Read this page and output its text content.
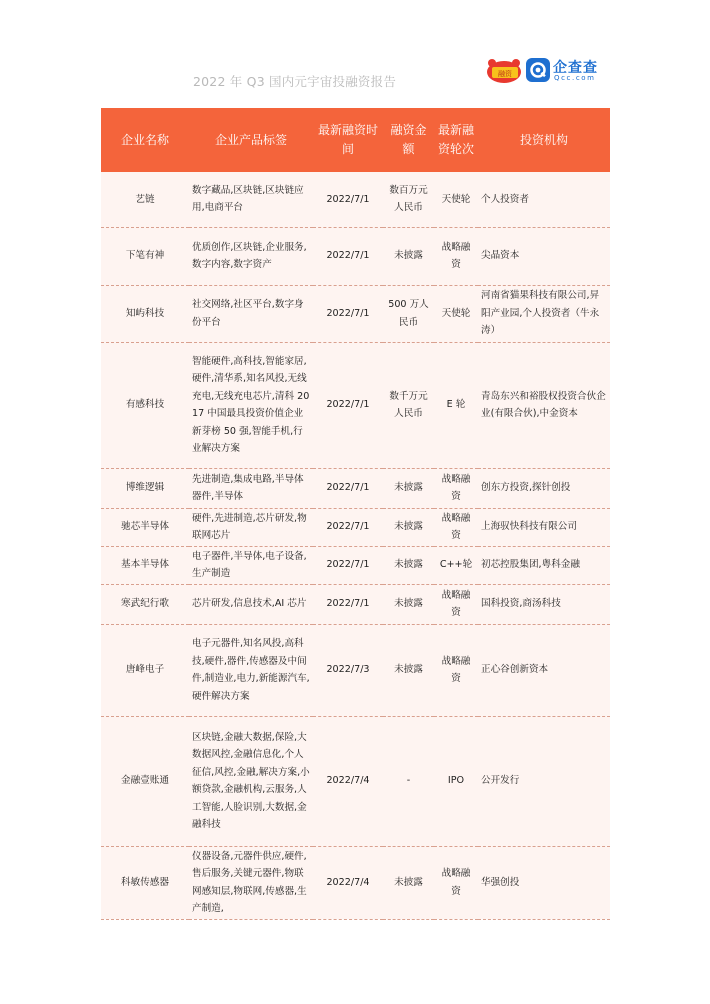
2022 年 Q3 国内元宇宙投融资报告	融资	企查查
Qcc.com
企业名称	企业产品标签	最新融资时间	融资金额	最新融资轮次	投资机构
艺链	数字藏品,区块链,区块链应用,电商平台	2022/7/1	数百万元人民币	天使轮	个人投资者
下笔有神	优质创作,区块链,企业服务,数字内容,数字资产	2022/7/1	未披露	战略融资	尖晶资本
知屿科技	社交网络,社区平台,数字身份平台	2022/7/1	500 万人民币	天使轮	河南省猫果科技有限公司,昇阳产业园,个人投资者（牛永涛）
有感科技	智能硬件,高科技,智能家居,硬件,清华系,知名风投,无线充电,无线充电芯片,清科 2017 中国最具投资价值企业新芽榜 50 强,智能手机,行业解决方案	2022/7/1	数千万元人民币	E 轮	青岛东兴和裕股权投资合伙企业(有限合伙),中金资本
博维逻辑	先进制造,集成电路,半导体器件,半导体	2022/7/1	未披露	战略融资	创东方投资,探针创投
驰芯半导体	硬件,先进制造,芯片研发,物联网芯片	2022/7/1	未披露	战略融资	上海驭快科技有限公司
基本半导体	电子器件,半导体,电子设备,生产制造	2022/7/1	未披露	C++轮	初芯控股集团,粤科金融
寒武纪行歌	芯片研发,信息技术,AI 芯片	2022/7/1	未披露	战略融资	国科投资,商汤科技
唐峰电子	电子元器件,知名风投,高科技,硬件,器件,传感器及中间件,制造业,电力,新能源汽车,硬件解决方案	2022/7/3	未披露	战略融资	正心谷创新资本
金融壹账通	区块链,金融大数据,保险,大数据风控,金融信息化,个人征信,风控,金融,解决方案,小额贷款,金融机构,云服务,人工智能,人脸识别,大数据,金融科技	2022/7/4	-	IPO	公开发行
科敏传感器	仪器设备,元器件供应,硬件,售后服务,关键元器件,物联网感知层,物联网,传感器,生产制造,	2022/7/4	未披露	战略融资	华强创投
